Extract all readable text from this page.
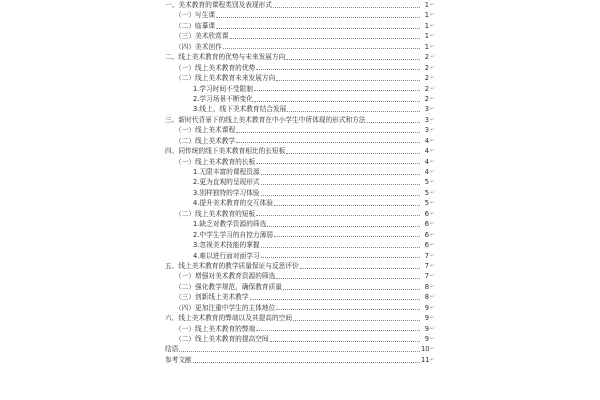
一、美术教育的课程类别及表现形式	1 ↵
（一）写生课	1 ↵
（二）临摹课	1 ↵
（三）美术欣赏课	1 ↵
（四）美术创作	1 ↵
二、线上美术教育的优势与未来发展方向	2 ↵
（一）线上美术教育的优势	2 ↵
（二）线上美术教育未来发展方向	2 ↵
1.学习时间不受限制	2 ↵
2.学习场景不断变化	2 ↵
3.线上、线下美术教育结合发展	3 ↵
三、新时代背景下的线上美术教育在中小学生中所体现的形式和方法	3 ↵
（一）线上美术课程	3 ↵
（二）线上美术教学	4 ↵
四、同传统的线下美术教育相比的长短板	4 ↵
（一）线上美术教育的长板	4 ↵
1.无限丰富的课程资源	4 ↵
2.更为直观的呈现形式	5 ↵
3.别样独特的学习体验	5 ↵
4.提升美术教育的交互体验	5 ↵
（二）线上美术教育的短板	6 ↵
1.缺乏对教学资源的筛选	6 ↵
2.中学生学习的自控力薄弱	6 ↵
3.忽视美术技能的掌握	6 ↵
4.难以进行面对面学习	7 ↵
五、线上美术教育的教学质量保证与反思评价	7 ↵
（一）增强对美术教育资源的筛选	7 ↵
（二）强化教学规范，确保教育质量	8 ↵
（三）创新线上美术教学	8 ↵
（四）更加注重中学生的主体地位	9 ↵
六、线上美术教育的弊端以及其提高的空间	9 ↵
（一）线上美术教育的弊端	9 ↵
（二）线上美术教育的提高空间	9 ↵
结语	10 ↵
参考文献	11 ↵
